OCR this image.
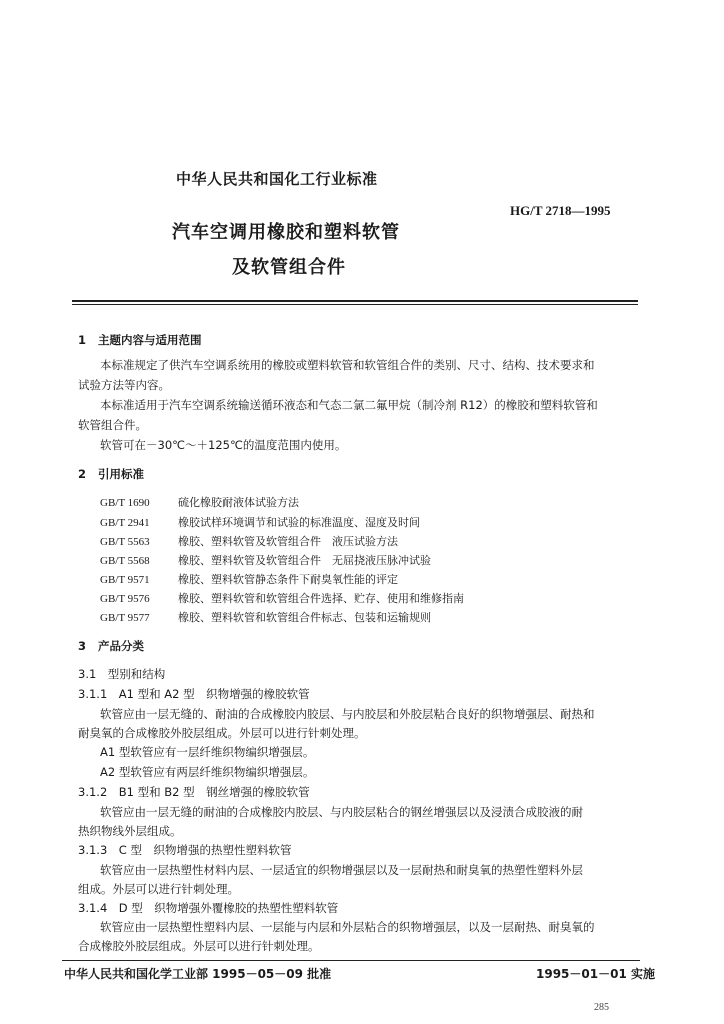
中华人民共和国化工行业标准
HG/T 2718—1995
汽车空调用橡胶和塑料软管
及软管组合件
1 主题内容与适用范围
本标准规定了供汽车空调系统用的橡胶或塑料软管和软管组合件的类别、尺寸、结构、技术要求和
试验方法等内容。
本标准适用于汽车空调系统输送循环液态和气态二氯二氟甲烷（制冷剂 R12）的橡胶和塑料软管和
软管组合件。
软管可在－30℃～＋125℃的温度范围内使用。
2 引用标准
GB/T 1690	硫化橡胶耐液体试验方法
GB/T 2941	橡胶试样环境调节和试验的标准温度、湿度及时间
GB/T 5563	橡胶、塑料软管及软管组合件　液压试验方法
GB/T 5568	橡胶、塑料软管及软管组合件　无屈挠液压脉冲试验
GB/T 9571	橡胶、塑料软管静态条件下耐臭氧性能的评定
GB/T 9576	橡胶、塑料软管和软管组合件选择、贮存、使用和维修指南
GB/T 9577	橡胶、塑料软管和软管组合件标志、包装和运输规则
3 产品分类
3.1　型别和结构
3.1.1　A1 型和 A2 型　织物增强的橡胶软管
软管应由一层无缝的、耐油的合成橡胶内胶层、与内胶层和外胶层粘合良好的织物增强层、耐热和
耐臭氧的合成橡胶外胶层组成。外层可以进行针刺处理。
A1 型软管应有一层纤维织物编织增强层。
A2 型软管应有两层纤维织物编织增强层。
3.1.2　B1 型和 B2 型　钢丝增强的橡胶软管
软管应由一层无缝的耐油的合成橡胶内胶层、与内胶层粘合的钢丝增强层以及浸渍合成胶液的耐
热织物线外层组成。
3.1.3　C 型　织物增强的热塑性塑料软管
软管应由一层热塑性材料内层、一层适宜的织物增强层以及一层耐热和耐臭氧的热塑性塑料外层
组成。外层可以进行针刺处理。
3.1.4　D 型　织物增强外覆橡胶的热塑性塑料软管
软管应由一层热塑性塑料内层、一层能与内层和外层粘合的织物增强层，以及一层耐热、耐臭氧的
合成橡胶外胶层组成。外层可以进行针刺处理。
中华人民共和国化学工业部 1995－05－09 批准	1995－01－01 实施
285
